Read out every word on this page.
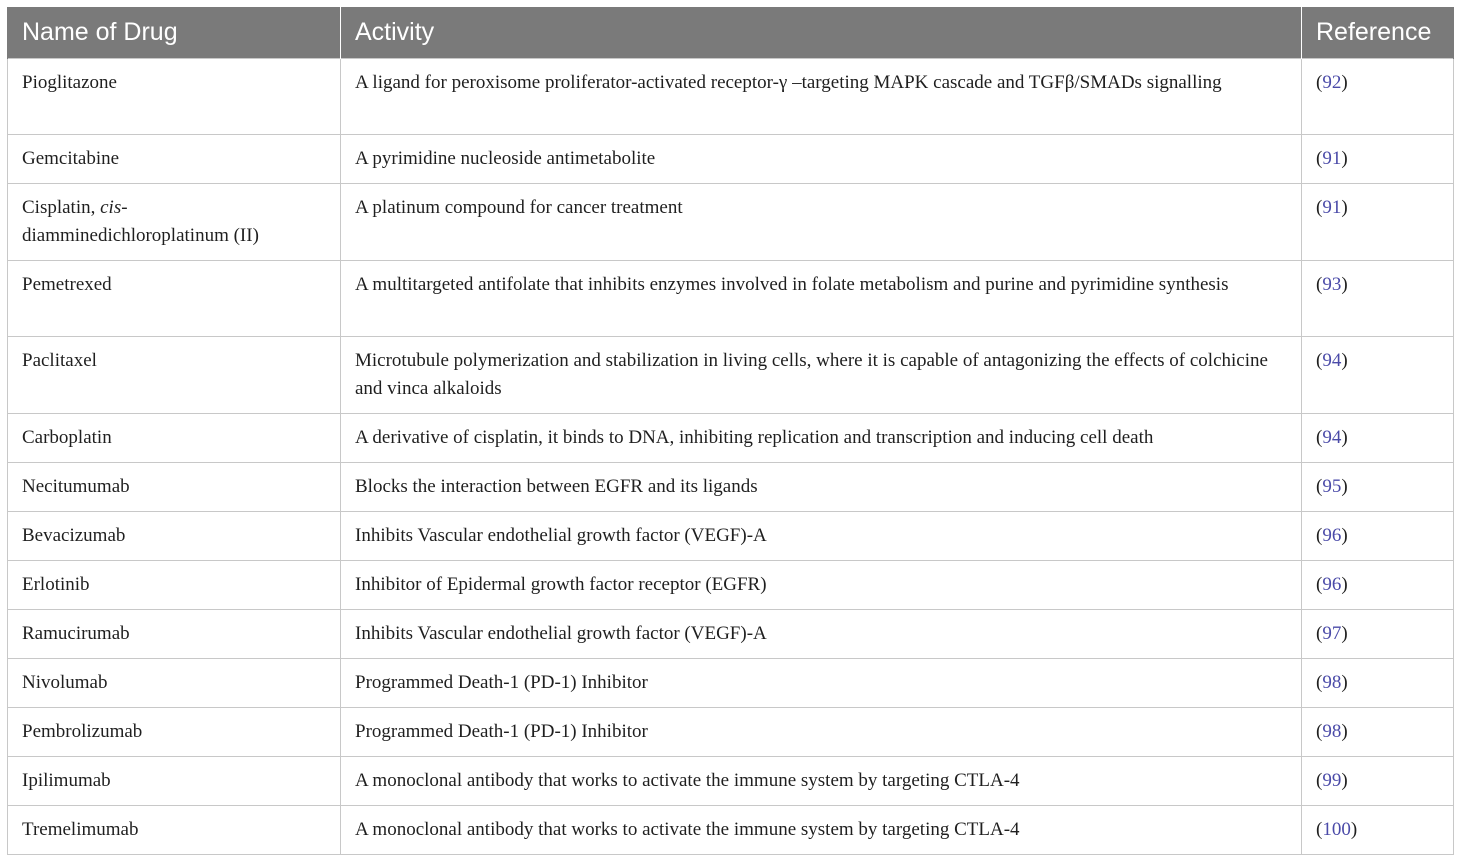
Name of Drug	Activity	Reference
Pioglitazone	A ligand for peroxisome proliferator-activated receptor-γ –targeting MAPK cascade and TGFβ/SMADs signalling	(92)
Gemcitabine	A pyrimidine nucleoside antimetabolite	(91)
Cisplatin, cis-
diamminedichloroplatinum (II)	A platinum compound for cancer treatment	(91)
Pemetrexed	A multitargeted antifolate that inhibits enzymes involved in folate metabolism and purine and pyrimidine synthesis	(93)
Paclitaxel	Microtubule polymerization and stabilization in living cells, where it is capable of antagonizing the effects of colchicine and vinca alkaloids	(94)
Carboplatin	A derivative of cisplatin, it binds to DNA, inhibiting replication and transcription and inducing cell death	(94)
Necitumumab	Blocks the interaction between EGFR and its ligands	(95)
Bevacizumab	Inhibits Vascular endothelial growth factor (VEGF)-A	(96)
Erlotinib	Inhibitor of Epidermal growth factor receptor (EGFR)	(96)
Ramucirumab	Inhibits Vascular endothelial growth factor (VEGF)-A	(97)
Nivolumab	Programmed Death-1 (PD-1) Inhibitor	(98)
Pembrolizumab	Programmed Death-1 (PD-1) Inhibitor	(98)
Ipilimumab	A monoclonal antibody that works to activate the immune system by targeting CTLA-4	(99)
Tremelimumab	A monoclonal antibody that works to activate the immune system by targeting CTLA-4	(100)
